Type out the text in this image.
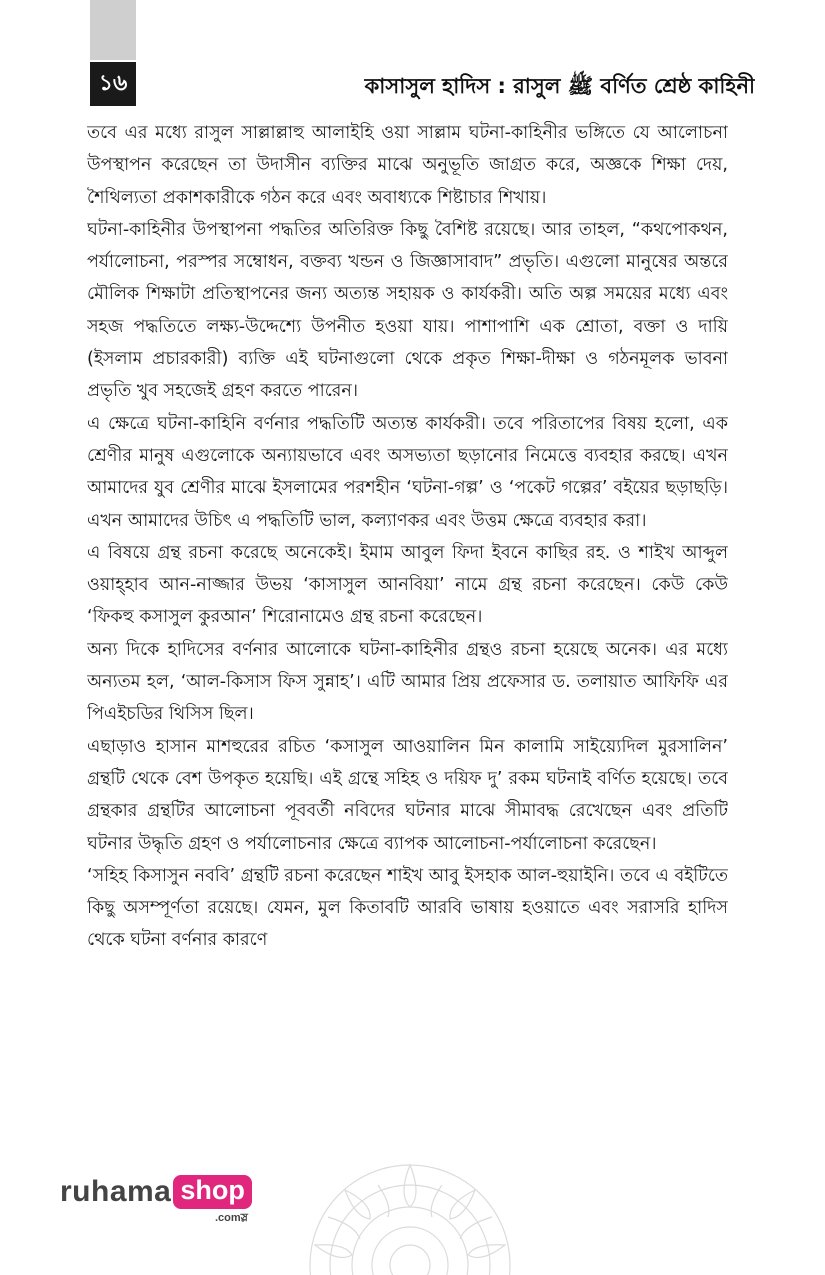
১৬	কাসাসুল হাদিস : রাসুল ﷺ বর্ণিত শ্রেষ্ঠ কাহিনী

তবে এর মধ্যে রাসুল সাল্লাল্লাহু আলাইহি ওয়া সাল্লাম ঘটনা-কাহিনীর ভঙ্গিতে যে আলোচনা উপস্থাপন করেছেন তা উদাসীন ব্যক্তির মাঝে অনুভূতি জাগ্রত করে, অজ্ঞকে শিক্ষা দেয়, শৈথিল্যতা প্রকাশকারীকে গঠন করে এবং অবাধ্যকে শিষ্টাচার শিখায়।

ঘটনা-কাহিনীর উপস্থাপনা পদ্ধতির অতিরিক্ত কিছু বৈশিষ্ট রয়েছে। আর তাহল, “কথপোকথন, পর্যালোচনা, পরস্পর সম্বোধন, বক্তব্য খন্ডন ও জিজ্ঞাসাবাদ” প্রভৃতি। এগুলো মানুষের অন্তরে মৌলিক শিক্ষাটা প্রতিস্থাপনের জন্য অত্যন্ত সহায়ক ও কার্যকরী। অতি অল্প সময়ের মধ্যে এবং সহজ পদ্ধতিতে লক্ষ্য-উদ্দেশ্যে উপনীত হওয়া যায়। পাশাপাশি এক শ্রোতা, বক্তা ও দায়ি (ইসলাম প্রচারকারী) ব্যক্তি এই ঘটনাগুলো থেকে প্রকৃত শিক্ষা-দীক্ষা ও গঠনমূলক ভাবনা প্রভৃতি খুব সহজেই গ্রহণ করতে পারেন।

এ ক্ষেত্রে ঘটনা-কাহিনি বর্ণনার পদ্ধতিটি অত্যন্ত কার্যকরী। তবে পরিতাপের বিষয় হলো, এক শ্রেণীর মানুষ এগুলোকে অন্যায়ভাবে এবং অসভ্যতা ছড়ানোর নিমেত্তে ব্যবহার করছে। এখন আমাদের যুব শ্রেণীর মাঝে ইসলামের পরশহীন ‘ঘটনা-গল্প’ ও ‘পকেট গল্পের’ বইয়ের ছড়াছড়ি। এখন আমাদের উচিৎ এ পদ্ধতিটি ভাল, কল্যাণকর এবং উত্তম ক্ষেত্রে ব্যবহার করা।

এ বিষয়ে গ্রন্থ রচনা করেছে অনেকেই। ইমাম আবুল ফিদা ইবনে কাছির রহ. ও শাইখ আব্দুল ওয়াহ্হাব আন-নাজ্জার উভয় ‘কাসাসুল আনবিয়া’ নামে গ্রন্থ রচনা করেছেন। কেউ কেউ ‘ফিকহু কসাসুল কুরআন’ শিরোনামেও গ্রন্থ রচনা করেছেন।

অন্য দিকে হাদিসের বর্ণনার আলোকে ঘটনা-কাহিনীর গ্রন্থও রচনা হয়েছে অনেক। এর মধ্যে অন্যতম হল, ‘আল-কিসাস ফিস সুন্নাহ’। এটি আমার প্রিয় প্রফেসার ড. তলায়াত আফিফি এর পিএইচডির থিসিস ছিল।

এছাড়াও হাসান মাশহুরের রচিত ‘কসাসুল আওয়ালিন মিন কালামি সাইয়্যেদিল মুরসালিন’ গ্রন্থটি থেকে বেশ উপকৃত হয়েছি। এই গ্রন্থে সহিহ ও দয়িফ দু’ রকম ঘটনাই বর্ণিত হয়েছে। তবে গ্রন্থকার গ্রন্থটির আলোচনা পূববর্তী নবিদের ঘটনার মাঝে সীমাবদ্ধ রেখেছেন এবং প্রতিটি ঘটনার উদ্ধৃতি গ্রহণ ও পর্যালোচনার ক্ষেত্রে ব্যাপক আলোচনা-পর্যালোচনা করেছেন।

‘সহিহ কিসাসুন নববি’ গ্রন্থটি রচনা করেছেন শাইখ আবু ইসহাক আল-হুয়াইনি। তবে এ বইটিতে কিছু অসম্পূর্ণতা রয়েছে। যেমন, মুল কিতাবটি আরবি ভাষায় হওয়াতে এবং সরাসরি হাদিস থেকে ঘটনা বর্ণনার কারণে

ruhama shop
.comস্ল
